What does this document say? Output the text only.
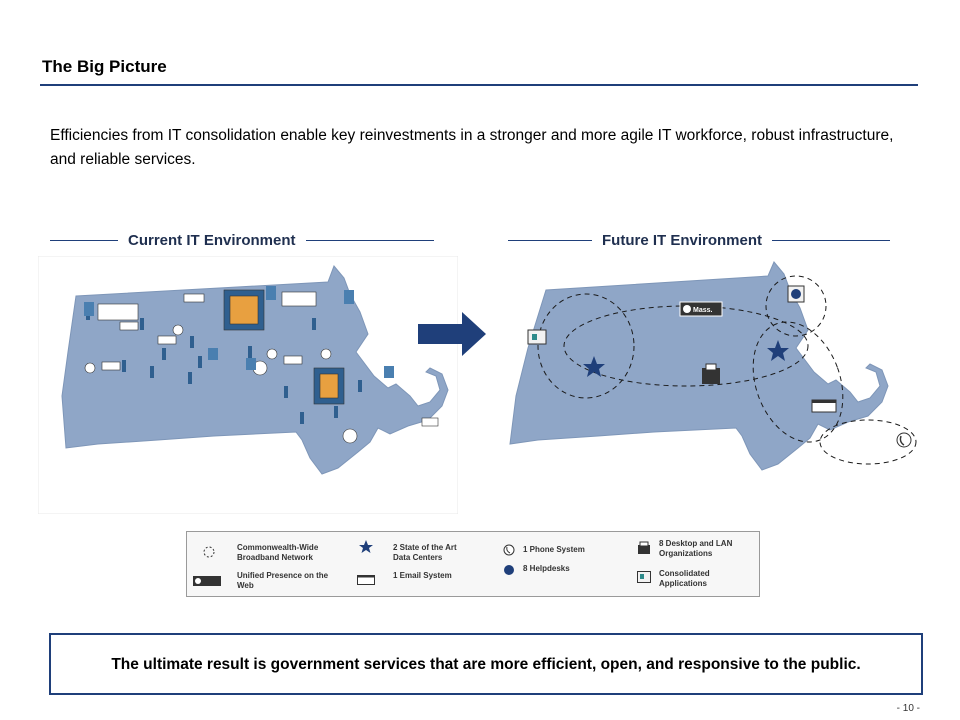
The Big Picture
Efficiencies from IT consolidation enable key reinvestments in a stronger and more agile IT workforce, robust infrastructure, and reliable services.
Current IT Environment	Future IT Environment
Mass.
Commonwealth-Wide Broadband Network
Unified Presence on the Web
2 State of the Art Data Centers
1 Email System
1 Phone System
8 Helpdesks
8 Desktop and LAN Organizations
Consolidated Applications
The ultimate result is government services that are more efficient, open, and responsive to the public.
- 10 -
